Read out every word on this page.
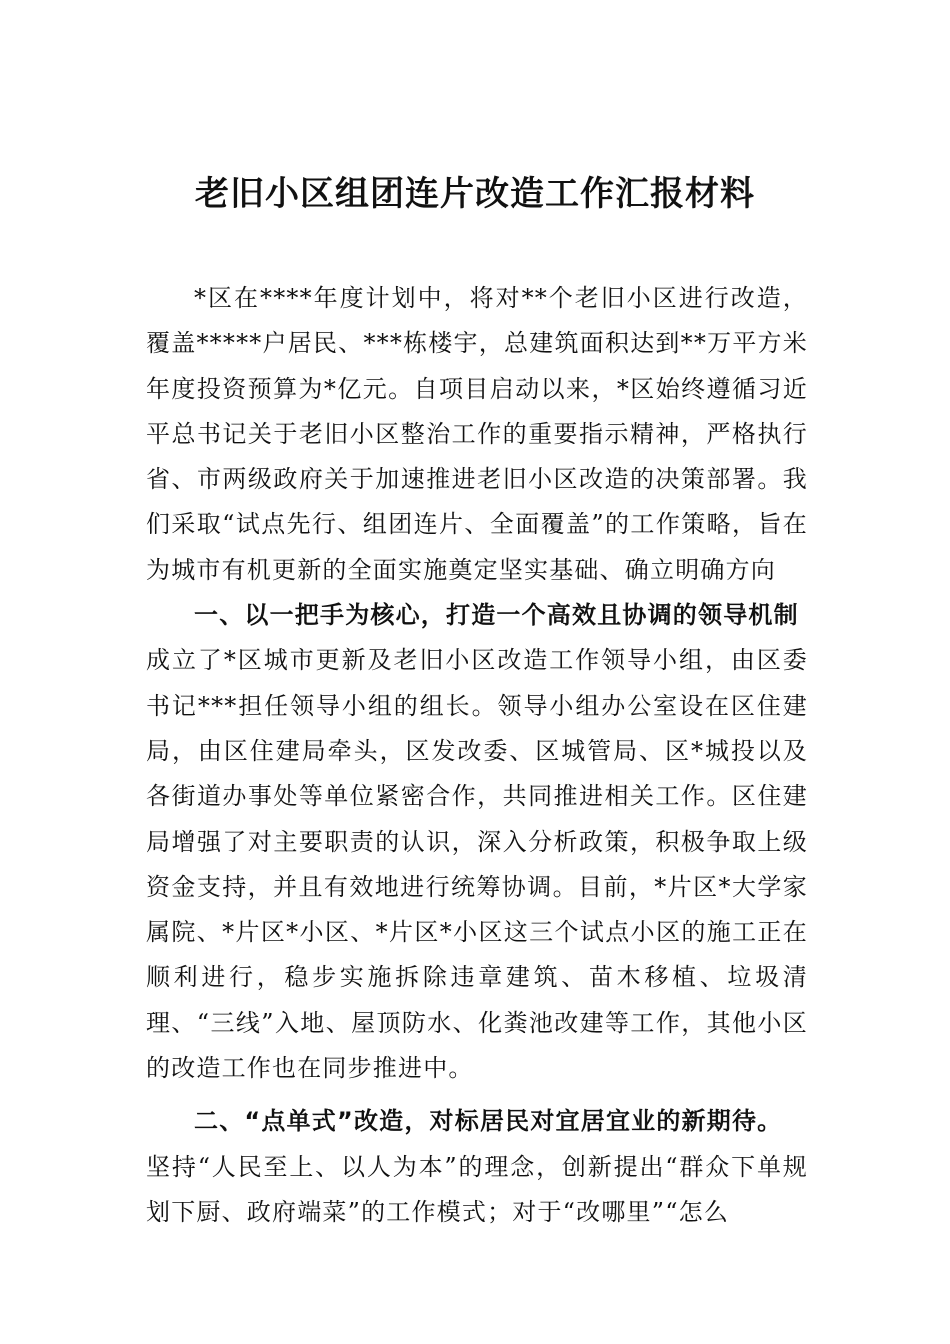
老旧小区组团连片改造工作汇报材料

*区在****年度计划中，将对**个老旧小区进行改造，覆盖*****户居民、***栋楼宇，总建筑面积达到**万平方米年度投资预算为*亿元。自项目启动以来，*区始终遵循习近平总书记关于老旧小区整治工作的重要指示精神，严格执行省、市两级政府关于加速推进老旧小区改造的决策部署。我们采取“试点先行、组团连片、全面覆盖”的工作策略，旨在为城市有机更新的全面实施奠定坚实基础、确立明确方向

一、以一把手为核心，打造一个高效且协调的领导机制

成立了*区城市更新及老旧小区改造工作领导小组，由区委书记***担任领导小组的组长。领导小组办公室设在区住建局，由区住建局牵头，区发改委、区城管局、区*城投以及各街道办事处等单位紧密合作，共同推进相关工作。区住建局增强了对主要职责的认识，深入分析政策，积极争取上级资金支持，并且有效地进行统筹协调。目前，*片区*大学家属院、*片区*小区、*片区*小区这三个试点小区的施工正在顺利进行，稳步实施拆除违章建筑、苗木移植、垃圾清理、“三线”入地、屋顶防水、化粪池改建等工作，其他小区的改造工作也在同步推进中。

二、“点单式”改造，对标居民对宜居宜业的新期待。

坚持“人民至上、以人为本”的理念，创新提出“群众下单规划下厨、政府端菜”的工作模式；对于“改哪里”“怎么
